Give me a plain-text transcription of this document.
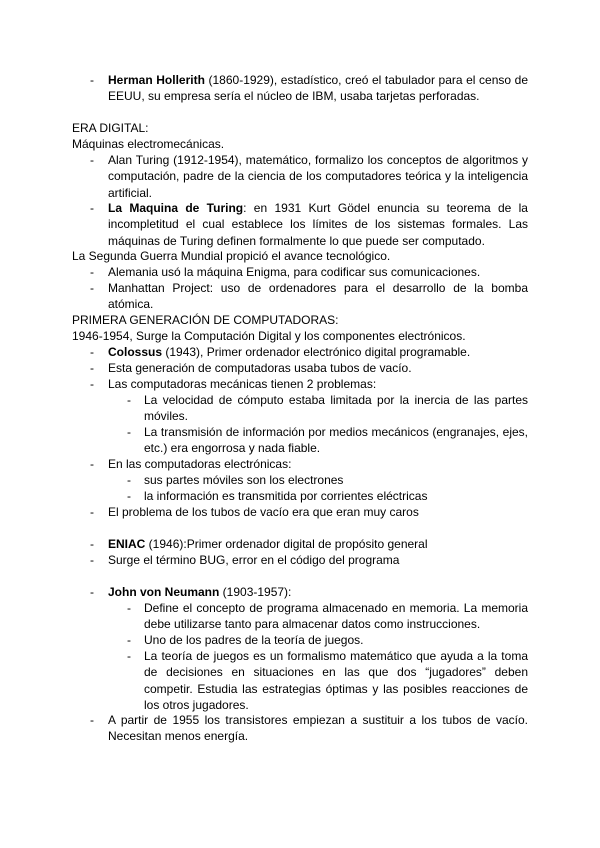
- Herman Hollerith (1860-1929), estadístico, creó el tabulador para el censo de EEUU, su empresa sería el núcleo de IBM, usaba tarjetas perforadas.
ERA DIGITAL:
Máquinas electromecánicas.
- Alan Turing (1912-1954), matemático, formalizo los conceptos de algoritmos y computación, padre de la ciencia de los computadores teórica y la inteligencia artificial.
- La Maquina de Turing: en 1931 Kurt Gödel enuncia su teorema de la incompletitud el cual establece los límites de los sistemas formales. Las máquinas de Turing definen formalmente lo que puede ser computado.
La Segunda Guerra Mundial propició el avance tecnológico.
- Alemania usó la máquina Enigma, para codificar sus comunicaciones.
- Manhattan Project: uso de ordenadores para el desarrollo de la bomba atómica.
PRIMERA GENERACIÓN DE COMPUTADORAS:
1946-1954, Surge la Computación Digital y los componentes electrónicos.
- Colossus (1943), Primer ordenador electrónico digital programable.
- Esta generación de computadoras usaba tubos de vacío.
- Las computadoras mecánicas tienen 2 problemas:
- La velocidad de cómputo estaba limitada por la inercia de las partes móviles.
- La transmisión de información por medios mecánicos (engranajes, ejes, etc.) era engorrosa y nada fiable.
- En las computadoras electrónicas:
- sus partes móviles son los electrones
- la información es transmitida por corrientes eléctricas
- El problema de los tubos de vacío era que eran muy caros
- ENIAC (1946):Primer ordenador digital de propósito general
- Surge el término BUG, error en el código del programa
- John von Neumann (1903-1957):
- Define el concepto de programa almacenado en memoria. La memoria debe utilizarse tanto para almacenar datos como instrucciones.
- Uno de los padres de la teoría de juegos.
- La teoría de juegos es un formalismo matemático que ayuda a la toma de decisiones en situaciones en las que dos “jugadores” deben competir. Estudia las estrategias óptimas y las posibles reacciones de los otros jugadores.
- A partir de 1955 los transistores empiezan a sustituir a los tubos de vacío. Necesitan menos energía.
